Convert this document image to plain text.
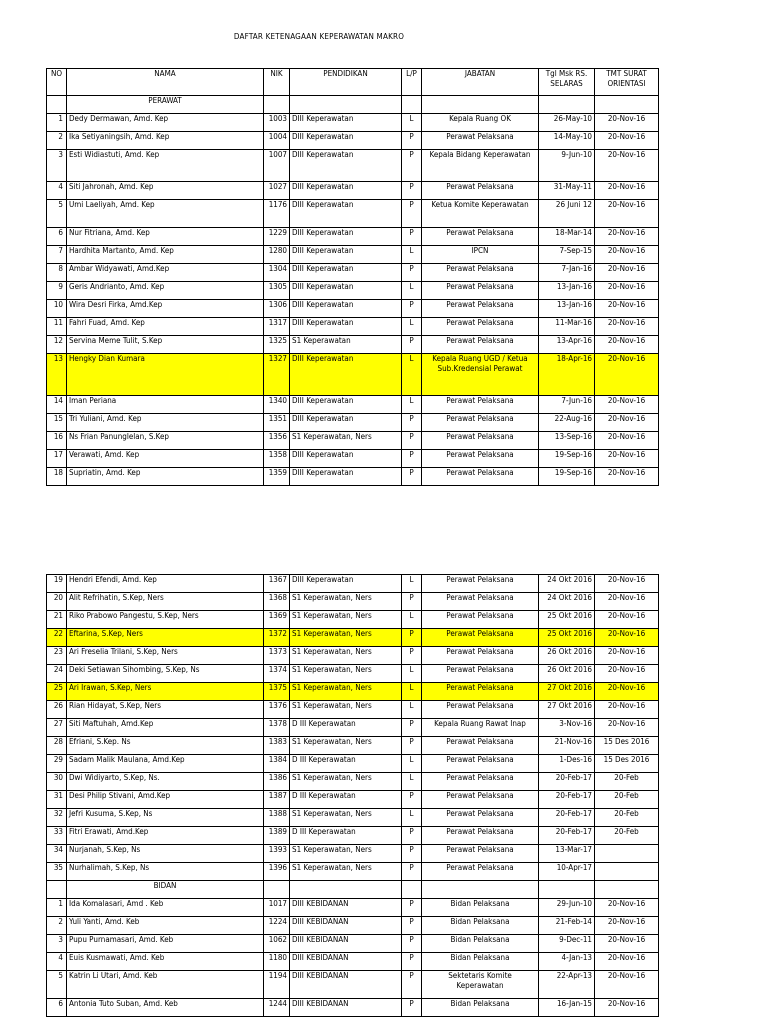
DAFTAR KETENAGAAN KEPERAWATAN MAKRO
NO	NAMA	NIK	PENDIDIKAN	L/P	JABATAN	Tgl Msk RS. SELARAS	TMT SURAT ORIENTASI
	PERAWAT						
1	Dedy Dermawan, Amd. Kep	1003	DIII Keperawatan	L	Kepala Ruang OK	26-May-10	20-Nov-16
2	Ika Setiyaningsih, Amd. Kep	1004	DIII Keperawatan	P	Perawat Pelaksana	14-May-10	20-Nov-16
3	Esti Widiastuti, Amd. Kep	1007	DIII Keperawatan	P	Kepala Bidang Keperawatan	9-Jun-10	20-Nov-16
4	Siti Jahronah, Amd. Kep	1027	DIII Keperawatan	P	Perawat Pelaksana	31-May-11	20-Nov-16
5	Umi Laeliyah, Amd. Kep	1176	DIII Keperawatan	P	Ketua Komite Keperawatan	26 Juni 12	20-Nov-16
6	Nur Fitriana, Amd. Kep	1229	DIII Keperawatan	P	Perawat Pelaksana	18-Mar-14	20-Nov-16
7	Hardhita Martanto, Amd. Kep	1280	DIII Keperawatan	L	IPCN	7-Sep-15	20-Nov-16
8	Ambar Widyawati, Amd.Kep	1304	DIII Keperawatan	P	Perawat Pelaksana	7-Jan-16	20-Nov-16
9	Geris Andrianto, Amd. Kep	1305	DIII Keperawatan	L	Perawat Pelaksana	13-Jan-16	20-Nov-16
10	Wira Desri Firka, Amd.Kep	1306	DIII Keperawatan	P	Perawat Pelaksana	13-Jan-16	20-Nov-16
11	Fahri Fuad, Amd. Kep	1317	DIII Keperawatan	L	Perawat Pelaksana	11-Mar-16	20-Nov-16
12	Servina Meme Tulit, S.Kep	1325	S1 Keperawatan	P	Perawat Pelaksana	13-Apr-16	20-Nov-16
13	Hengky Dian Kumara	1327	DIII Keperawatan	L	Kepala Ruang UGD / Ketua Sub.Kredensial Perawat	18-Apr-16	20-Nov-16
14	Iman Periana	1340	DIII Keperawatan	L	Perawat Pelaksana	7-Jun-16	20-Nov-16
15	Tri Yuliani, Amd. Kep	1351	DIII Keperawatan	P	Perawat Pelaksana	22-Aug-16	20-Nov-16
16	Ns Frian Panunglelan, S.Kep	1356	S1 Keperawatan, Ners	P	Perawat Pelaksana	13-Sep-16	20-Nov-16
17	Verawati, Amd. Kep	1358	DIII Keperawatan	P	Perawat Pelaksana	19-Sep-16	20-Nov-16
18	Supriatin, Amd. Kep	1359	DIII Keperawatan	P	Perawat Pelaksana	19-Sep-16	20-Nov-16
19	Hendri Efendi, Amd. Kep	1367	DIII Keperawatan	L	Perawat Pelaksana	24 Okt 2016	20-Nov-16
20	Alit Refrihatin, S.Kep, Ners	1368	S1 Keperawatan, Ners	P	Perawat Pelaksana	24 Okt 2016	20-Nov-16
21	Riko Prabowo Pangestu, S.Kep, Ners	1369	S1 Keperawatan, Ners	L	Perawat Pelaksana	25 Okt 2016	20-Nov-16
22	Eftarina, S.Kep, Ners	1372	S1 Keperawatan, Ners	P	Perawat Pelaksana	25 Okt 2016	20-Nov-16
23	Ari Freselia Trilani, S.Kep, Ners	1373	S1 Keperawatan, Ners	P	Perawat Pelaksana	26 Okt 2016	20-Nov-16
24	Deki Setiawan Sihombing, S.Kep, Ns	1374	S1 Keperawatan, Ners	L	Perawat Pelaksana	26 Okt 2016	20-Nov-16
25	Ari Irawan, S.Kep, Ners	1375	S1 Keperawatan, Ners	L	Perawat Pelaksana	27 Okt 2016	20-Nov-16
26	Rian Hidayat, S.Kep, Ners	1376	S1 Keperawatan, Ners	L	Perawat Pelaksana	27 Okt 2016	20-Nov-16
27	Siti Maftuhah, Amd.Kep	1378	D III Keperawatan	P	Kepala Ruang Rawat Inap	3-Nov-16	20-Nov-16
28	Efriani, S.Kep. Ns	1383	S1 Keperawatan, Ners	P	Perawat Pelaksana	21-Nov-16	15 Des 2016
29	Sadam Malik Maulana, Amd.Kep	1384	D III Keperawatan	L	Perawat Pelaksana	1-Des-16	15 Des 2016
30	Dwi Widiyarto, S.Kep, Ns.	1386	S1 Keperawatan, Ners	L	Perawat Pelaksana	20-Feb-17	20-Feb
31	Desi Philip Stivani, Amd.Kep	1387	D III Keperawatan	P	Perawat Pelaksana	20-Feb-17	20-Feb
32	Jefri Kusuma, S.Kep, Ns	1388	S1 Keperawatan, Ners	L	Perawat Pelaksana	20-Feb-17	20-Feb
33	Fitri Erawati, Amd.Kep	1389	D III Keperawatan	P	Perawat Pelaksana	20-Feb-17	20-Feb
34	Nurjanah, S.Kep, Ns	1393	S1 Keperawatan, Ners	P	Perawat Pelaksana	13-Mar-17	
35	Nurhalimah, S.Kep, Ns	1396	S1 Keperawatan, Ners	P	Perawat Pelaksana	10-Apr-17	
	BIDAN						
1	Ida Komalasari, Amd . Keb	1017	DIII KEBIDANAN	P	Bidan Pelaksana	29-Jun-10	20-Nov-16
2	Yuli Yanti, Amd. Keb	1224	DIII KEBIDANAN	P	Bidan Pelaksana	21-Feb-14	20-Nov-16
3	Pupu Purnamasari, Amd. Keb	1062	DIII KEBIDANAN	P	Bidan Pelaksana	9-Dec-11	20-Nov-16
4	Euis Kusmawati, Amd. Keb	1180	DIII KEBIDANAN	P	Bidan Pelaksana	4-Jan-13	20-Nov-16
5	Katrin Li Utari, Amd. Keb	1194	DIII KEBIDANAN	P	Sektetaris Komite Keperawatan	22-Apr-13	20-Nov-16
6	Antonia Tuto Suban, Amd. Keb	1244	DIII KEBIDANAN	P	Bidan Pelaksana	16-Jan-15	20-Nov-16
